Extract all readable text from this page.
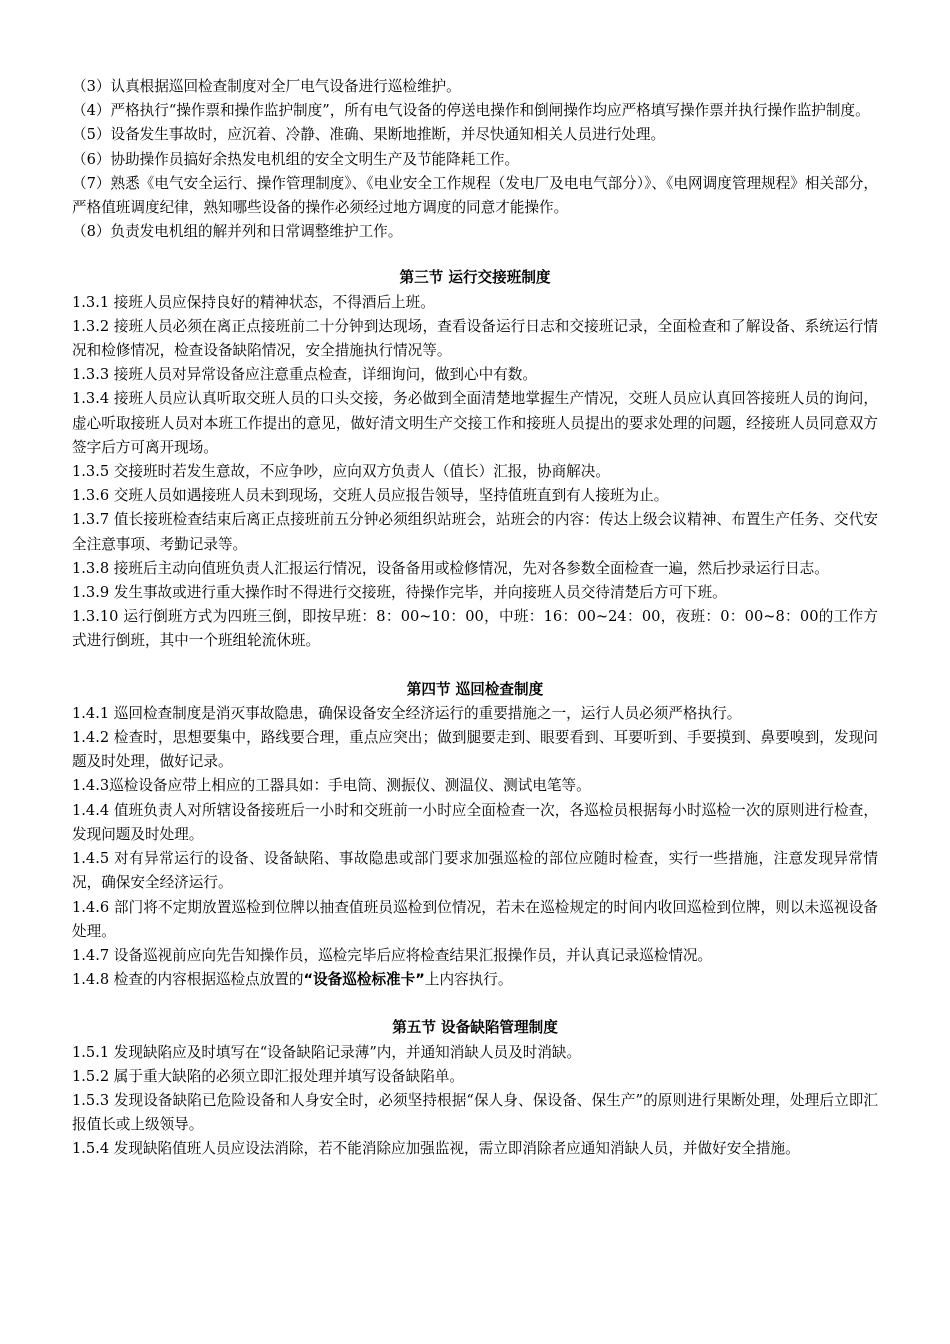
（3）认真根据巡回检查制度对全厂电气设备进行巡检维护。

（4）严格执行“操作票和操作监护制度”，所有电气设备的停送电操作和倒闸操作均应严格填写操作票并执行操作监护制度。

（5）设备发生事故时，应沉着、冷静、准确、果断地推断，并尽快通知相关人员进行处理。

（6）协助操作员搞好余热发电机组的安全文明生产及节能降耗工作。

（7）熟悉《电气安全运行、操作管理制度》、《电业安全工作规程（发电厂及电电气部分）》、《电网调度管理规程》相关部分，严格值班调度纪律，熟知哪些设备的操作必须经过地方调度的同意才能操作。

（8）负责发电机组的解并列和日常调整维护工作。

第三节 运行交接班制度

1.3.1 接班人员应保持良好的精神状态，不得酒后上班。

1.3.2 接班人员必须在离正点接班前二十分钟到达现场，查看设备运行日志和交接班记录，全面检查和了解设备、系统运行情况和检修情况，检查设备缺陷情况，安全措施执行情况等。

1.3.3 接班人员对异常设备应注意重点检查，详细询问，做到心中有数。

1.3.4 接班人员应认真听取交班人员的口头交接，务必做到全面清楚地掌握生产情况，交班人员应认真回答接班人员的询问，虚心听取接班人员对本班工作提出的意见，做好清文明生产交接工作和接班人员提出的要求处理的问题，经接班人员同意双方签字后方可离开现场。

1.3.5 交接班时若发生意故，不应争吵，应向双方负责人（值长）汇报，协商解决。

1.3.6 交班人员如遇接班人员未到现场，交班人员应报告领导，坚持值班直到有人接班为止。

1.3.7 值长接班检查结束后离正点接班前五分钟必须组织站班会，站班会的内容：传达上级会议精神、布置生产任务、交代安全注意事项、考勤记录等。

1.3.8 接班后主动向值班负责人汇报运行情况，设备备用或检修情况，先对各参数全面检查一遍，然后抄录运行日志。

1.3.9 发生事故或进行重大操作时不得进行交接班，待操作完毕，并向接班人员交待清楚后方可下班。

1.3.10 运行倒班方式为四班三倒，即按早班：8：00~10：00，中班：16：00~24：00，夜班：0：00~8：00的工作方式进行倒班，其中一个班组轮流休班。

第四节 巡回检查制度

1.4.1 巡回检查制度是消灭事故隐患，确保设备安全经济运行的重要措施之一，运行人员必须严格执行。

1.4.2 检查时，思想要集中，路线要合理，重点应突出；做到腿要走到、眼要看到、耳要听到、手要摸到、鼻要嗅到，发现问题及时处理，做好记录。

1.4.3巡检设备应带上相应的工器具如：手电筒、测振仪、测温仪、测试电笔等。

1.4.4 值班负责人对所辖设备接班后一小时和交班前一小时应全面检查一次，各巡检员根据每小时巡检一次的原则进行检查，发现问题及时处理。

1.4.5 对有异常运行的设备、设备缺陷、事故隐患或部门要求加强巡检的部位应随时检查，实行一些措施，注意发现异常情况，确保安全经济运行。

1.4.6 部门将不定期放置巡检到位牌以抽查值班员巡检到位情况，若未在巡检规定的时间内收回巡检到位牌，则以未巡视设备处理。

1.4.7 设备巡视前应向先告知操作员，巡检完毕后应将检查结果汇报操作员，并认真记录巡检情况。

1.4.8 检查的内容根据巡检点放置的“设备巡检标准卡”上内容执行。

第五节 设备缺陷管理制度

1.5.1 发现缺陷应及时填写在“设备缺陷记录薄”内，并通知消缺人员及时消缺。

1.5.2 属于重大缺陷的必须立即汇报处理并填写设备缺陷单。

1.5.3 发现设备缺陷已危险设备和人身安全时，必须坚持根据“保人身、保设备、保生产”的原则进行果断处理，处理后立即汇报值长或上级领导。

1.5.4 发现缺陷值班人员应设法消除，若不能消除应加强监视，需立即消除者应通知消缺人员，并做好安全措施。
